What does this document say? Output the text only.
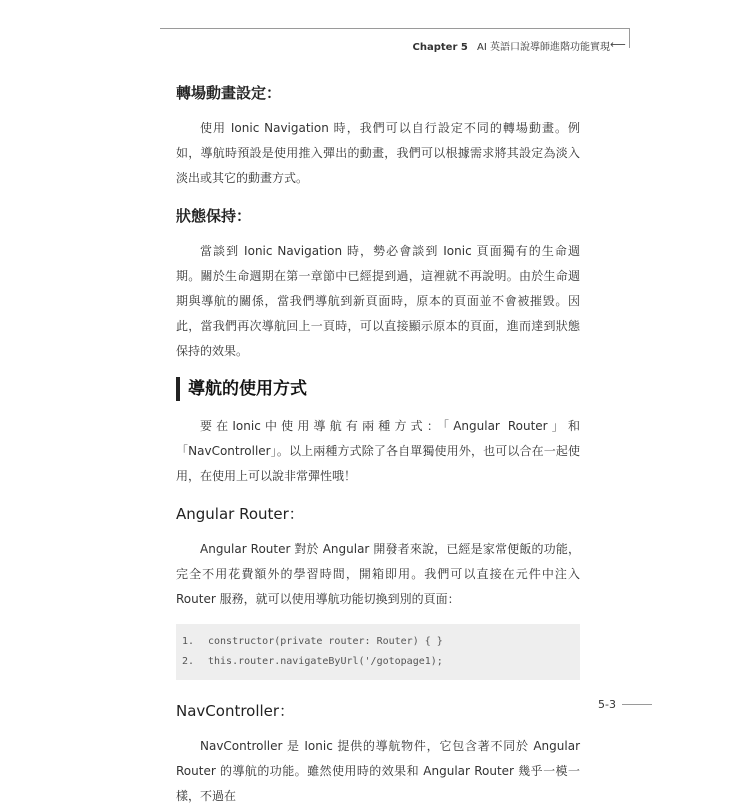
Chapter 5 AI 英語口說導師進階功能實現 ⟵
轉場動畫設定：

使用 Ionic Navigation 時，我們可以自行設定不同的轉場動畫。例如，導航時預設是使用推入彈出的動畫，我們可以根據需求將其設定為淡入淡出或其它的動畫方式。

狀態保持：

當談到 Ionic Navigation 時，勢必會談到 Ionic 頁面獨有的生命週期。關於生命週期在第一章節中已經提到過，這裡就不再說明。由於生命週期與導航的關係，當我們導航到新頁面時，原本的頁面並不會被摧毀。因此，當我們再次導航回上一頁時，可以直接顯示原本的頁面，進而達到狀態保持的效果。

導航的使用方式

要在Ionic中使用導航有兩種方式：「Angular Router」和「NavController」。以上兩種方式除了各自單獨使用外，也可以合在一起使用，在使用上可以說非常彈性哦！

Angular Router：

Angular Router 對於 Angular 開發者來說，已經是家常便飯的功能，完全不用花費額外的學習時間，開箱即用。我們可以直接在元件中注入Router 服務，就可以使用導航功能切換到別的頁面：

1. constructor(private router: Router) { }
2. this.router.navigateByUrl('/gotopage1);
NavController：

NavController 是 Ionic 提供的導航物件，它包含著不同於 Angular Router 的導航的功能。雖然使用時的效果和 Angular Router 幾乎一模一樣，不過在

5-3
